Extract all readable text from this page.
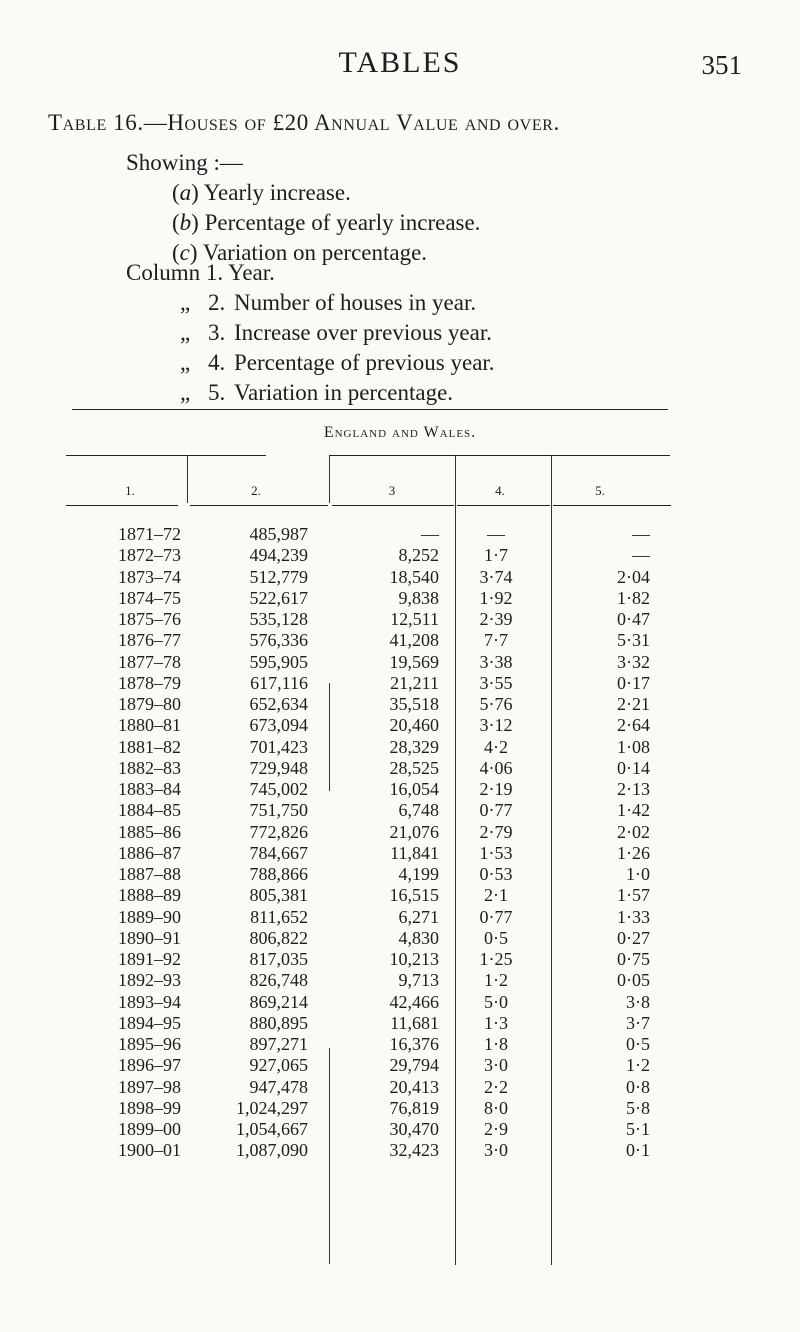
TABLES	351
Table 16.—Houses of £20 Annual Value and over.
Showing :—
(a) Yearly increase.
(b) Percentage of yearly increase.
(c) Variation on percentage.
Column 1. Year.
„ 2. Number of houses in year.
„ 3. Increase over previous year.
„ 4. Percentage of previous year.
„ 5. Variation in percentage.
England and Wales.
1.	2.	3	4.	5.
1871–72	485,987	—	—	—
1872–73	494,239	8,252	1·7	—
1873–74	512,779	18,540	3·74	2·04
1874–75	522,617	9,838	1·92	1·82
1875–76	535,128	12,511	2·39	0·47
1876–77	576,336	41,208	7·7	5·31
1877–78	595,905	19,569	3·38	3·32
1878–79	617,116	21,211	3·55	0·17
1879–80	652,634	35,518	5·76	2·21
1880–81	673,094	20,460	3·12	2·64
1881–82	701,423	28,329	4·2	1·08
1882–83	729,948	28,525	4·06	0·14
1883–84	745,002	16,054	2·19	2·13
1884–85	751,750	6,748	0·77	1·42
1885–86	772,826	21,076	2·79	2·02
1886–87	784,667	11,841	1·53	1·26
1887–88	788,866	4,199	0·53	1·0
1888–89	805,381	16,515	2·1	1·57
1889–90	811,652	6,271	0·77	1·33
1890–91	806,822	4,830	0·5	0·27
1891–92	817,035	10,213	1·25	0·75
1892–93	826,748	9,713	1·2	0·05
1893–94	869,214	42,466	5·0	3·8
1894–95	880,895	11,681	1·3	3·7
1895–96	897,271	16,376	1·8	0·5
1896–97	927,065	29,794	3·0	1·2
1897–98	947,478	20,413	2·2	0·8
1898–99	1,024,297	76,819	8·0	5·8
1899–00	1,054,667	30,470	2·9	5·1
1900–01	1,087,090	32,423	3·0	0·1
